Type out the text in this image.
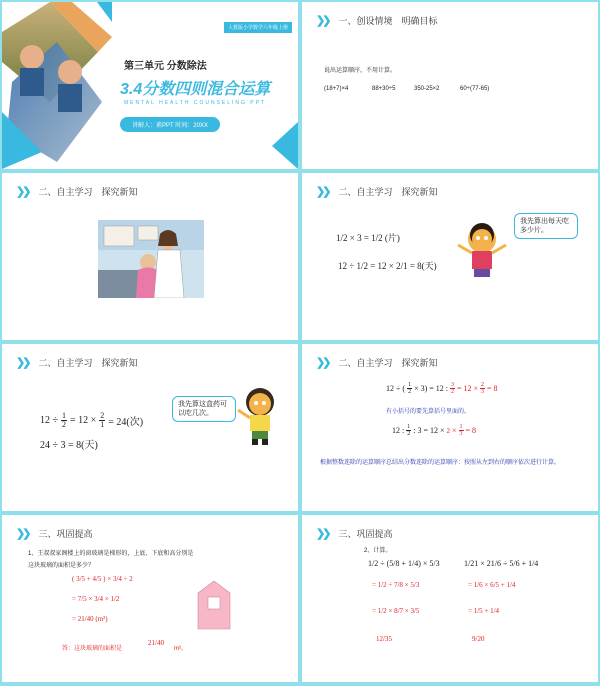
人教版小学数学六年级上册
第三单元 分数除法
3.4分数四则混合运算
MENTAL HEALTH COUNSELING PPT
讲解人：素PPT 时间：20XX
❯❯ 一、创设情境　明确目标
说出运算顺序，不用计算。
(18+7)×4	88+30÷5	350-25×2	60÷(77-65)
❯❯ 二、自主学习　探究新知	❯❯ 二、自主学习　探究新知
1/2 × 3 = 1/2 (片)
12 ÷ 1/2 = 12 × 2/1 = 8(天)
我先算出每天吃多少片。
❯❯ 二、自主学习　探究新知
12 ÷ 1
2 = 12 × 2
1 = 24(次)
24 ÷ 3 = 8(天)
我先算这盒药可以吃几次。
❯❯ 二、自主学习　探究新知
12 ÷ ( 1
2 × 3) = 12 : 3
2 = 12 × 2
3 = 8
有小括号的要先算括号里面的。
12 : 1
2 : 3 = 12 × 2 × 1
3 = 8
根据整数连除的运算顺序总结出分数连除的运算顺序：按照从左到右的顺序依次进行计算。
❯❯ 三、巩固提高
1、王叔叔家阁楼上的窗玻璃是梯形的，上底、下底和高分别是
这块玻璃的面积是多少？
( 3/5 + 4/5 ) × 3/4 ÷ 2
= 7/5 × 3/4 × 1/2
= 21/40 (m²)
答：这块玻璃的面积是
21/40
m²。
❯❯ 三、巩固提高
2、计算。
1/2 ÷ (5/8 + 1/4) × 5/3
= 1/2 ÷ 7/8 × 5/3
= 1/2 × 8/7 × 3/5
12/35
1/21 × 21/6 ÷ 5/6 + 1/4
= 1/6 × 6/5 + 1/4
= 1/5 + 1/4
9/20
